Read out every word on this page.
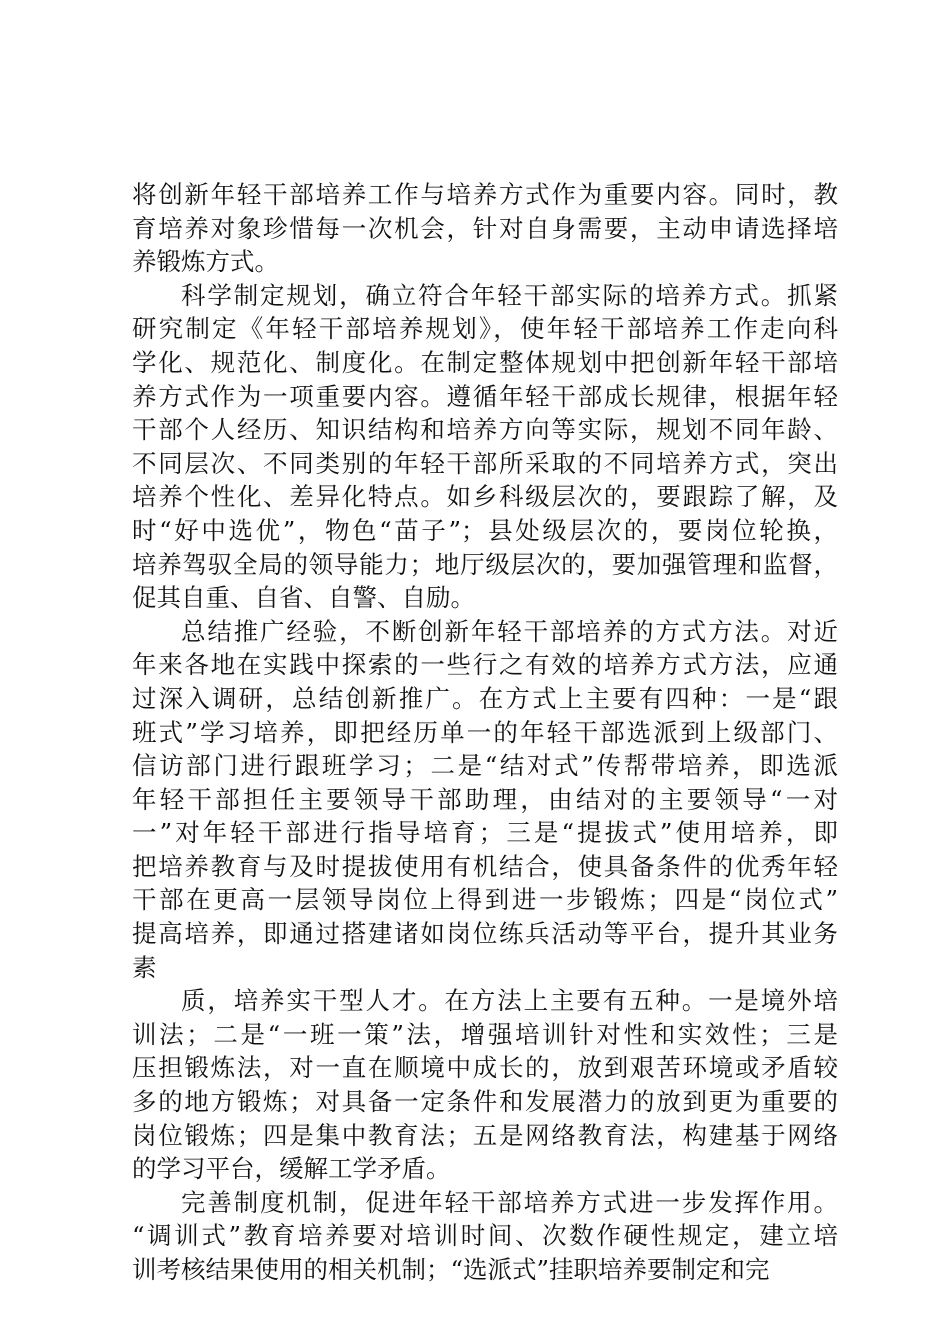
将创新年轻干部培养工作与培养方式作为重要内容。同时，教
育培养对象珍惜每一次机会，针对自身需要，主动申请选择培
养锻炼方式。
科学制定规划，确立符合年轻干部实际的培养方式。抓紧
研究制定《年轻干部培养规划》，使年轻干部培养工作走向科
学化、规范化、制度化。在制定整体规划中把创新年轻干部培
养方式作为一项重要内容。遵循年轻干部成长规律，根据年轻
干部个人经历、知识结构和培养方向等实际，规划不同年龄、
不同层次、不同类别的年轻干部所采取的不同培养方式，突出
培养个性化、差异化特点。如乡科级层次的，要跟踪了解，及
时“好中选优”，物色“苗子”；县处级层次的，要岗位轮换，
培养驾驭全局的领导能力；地厅级层次的，要加强管理和监督，
促其自重、自省、自警、自励。
总结推广经验，不断创新年轻干部培养的方式方法。对近
年来各地在实践中探索的一些行之有效的培养方式方法，应通
过深入调研，总结创新推广。在方式上主要有四种：一是“跟
班式”学习培养，即把经历单一的年轻干部选派到上级部门、
信访部门进行跟班学习；二是“结对式”传帮带培养，即选派
年轻干部担任主要领导干部助理，由结对的主要领导“一对
一”对年轻干部进行指导培育；三是“提拔式”使用培养，即
把培养教育与及时提拔使用有机结合，使具备条件的优秀年轻
干部在更高一层领导岗位上得到进一步锻炼；四是“岗位式”
提高培养，即通过搭建诸如岗位练兵活动等平台，提升其业务
素
质，培养实干型人才。在方法上主要有五种。一是境外培
训法；二是“一班一策”法，增强培训针对性和实效性；三是
压担锻炼法，对一直在顺境中成长的，放到艰苦环境或矛盾较
多的地方锻炼；对具备一定条件和发展潜力的放到更为重要的
岗位锻炼；四是集中教育法；五是网络教育法，构建基于网络
的学习平台，缓解工学矛盾。
完善制度机制，促进年轻干部培养方式进一步发挥作用。
“调训式”教育培养要对培训时间、次数作硬性规定，建立培
训考核结果使用的相关机制；“选派式”挂职培养要制定和完
